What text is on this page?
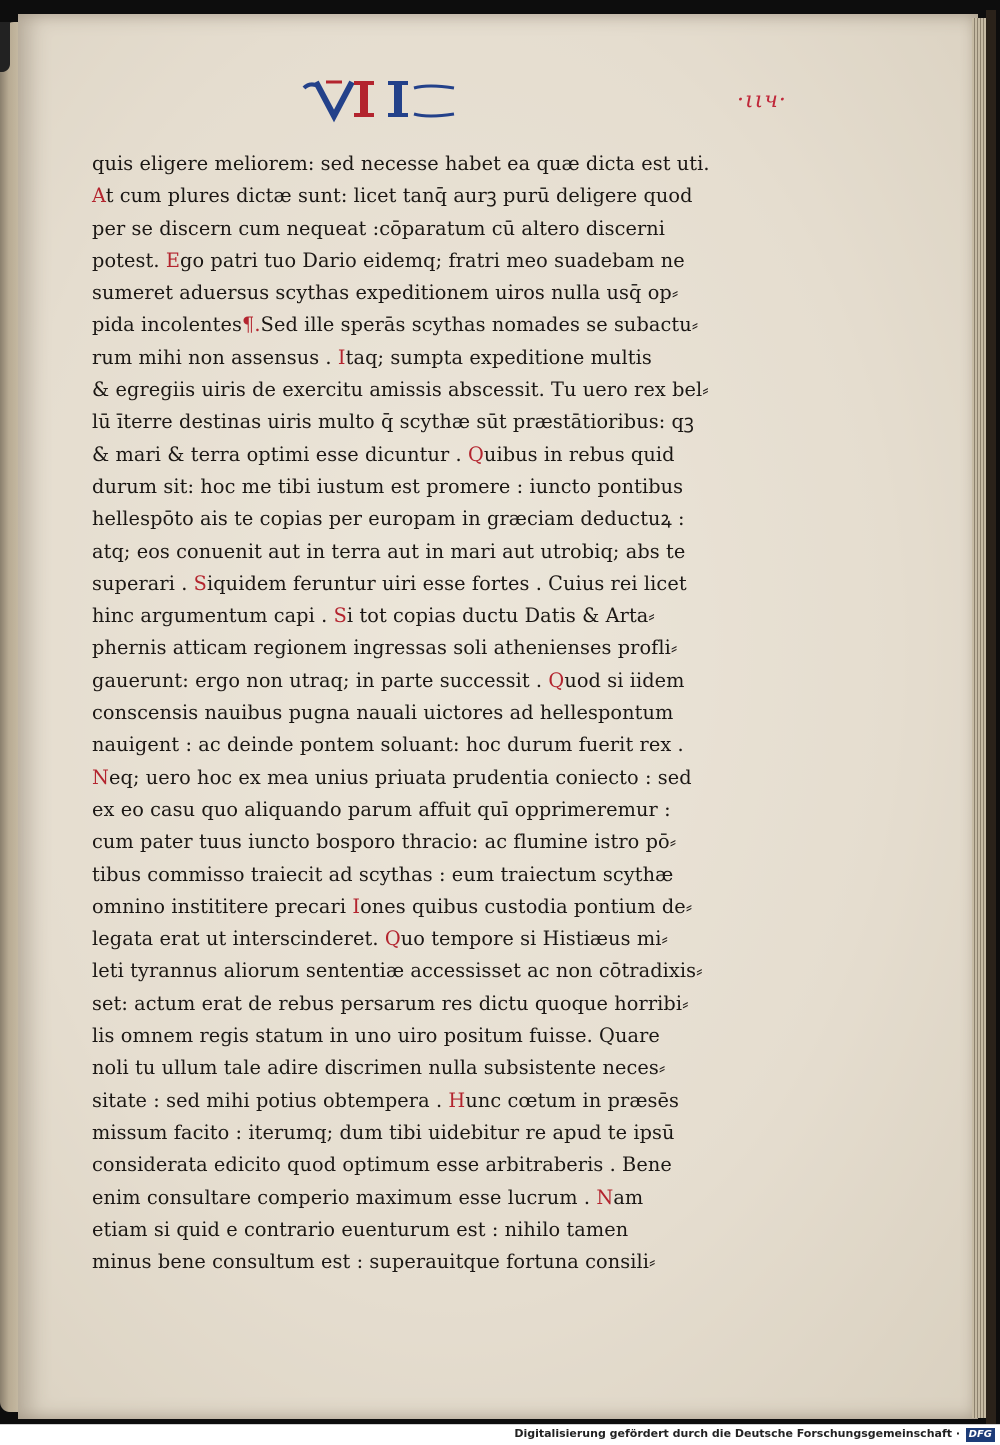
VII
·ιιч·
quis eligere meliorem: sed necesse habet ea quæ dicta est uti.
At cum plures dictæ sunt: licet tanq̄ aurꝫ purū deligere quod
per se discern cum nequeat :cōparatum cū altero discerni
potest. Ego patri tuo Dario eidemq; fratri meo suadebam ne
sumeret aduersus scythas expeditionem uiros nulla usq̄ op⸗
pida incolentes¶.Sed ille sperās scythas nomades se subactu⸗
rum mihi non assensus . Itaq; sumpta expeditione multis
& egregiis uiris de exercitu amissis abscessit. Tu uero rex bel⸗
lū īterre destinas uiris multo q̄ scythæ sūt præstātioribus: qꝫ
& mari & terra optimi esse dicuntur . Quibus in rebus quid
durum sit: hoc me tibi iustum est promere : iuncto pontibus
hellespōto ais te copias per europam in græciam deductuꝝ :
atq; eos conuenit aut in terra aut in mari aut utrobiq; abs te
superari . Siquidem feruntur uiri esse fortes . Cuius rei licet
hinc argumentum capi . Si tot copias ductu Datis & Arta⸗
phernis atticam regionem ingressas soli athenienses profli⸗
gauerunt: ergo non utraq; in parte successit . Quod si iidem
conscensis nauibus pugna nauali uictores ad hellespontum
nauigent : ac deinde pontem soluant: hoc durum fuerit rex .
Neq; uero hoc ex mea unius priuata prudentia coniecto : sed
ex eo casu quo aliquando parum affuit quī opprimeremur :
cum pater tuus iuncto bosporo thracio: ac flumine istro pō⸗
tibus commisso traiecit ad scythas : eum traiectum scythæ
omnino instititere precari Iones quibus custodia pontium de⸗
legata erat ut interscinderet. Quo tempore si Histiæus mi⸗
leti tyrannus aliorum sententiæ accessisset ac non cōtradixis⸗
set: actum erat de rebus persarum res dictu quoque horribi⸗
lis omnem regis statum in uno uiro positum fuisse. Quare
noli tu ullum tale adire discrimen nulla subsistente neces⸗
sitate : sed mihi potius obtempera . Hunc cœtum in præsēs
missum facito : iterumq; dum tibi uidebitur re apud te ipsū
considerata edicito quod optimum esse arbitraberis . Bene
enim consultare comperio maximum esse lucrum . Nam
etiam si quid e contrario euenturum est : nihilo tamen
minus bene consultum est : superauitque fortuna consili⸗
Digitalisierung gefördert durch die Deutsche Forschungsgemeinschaft · DFG
